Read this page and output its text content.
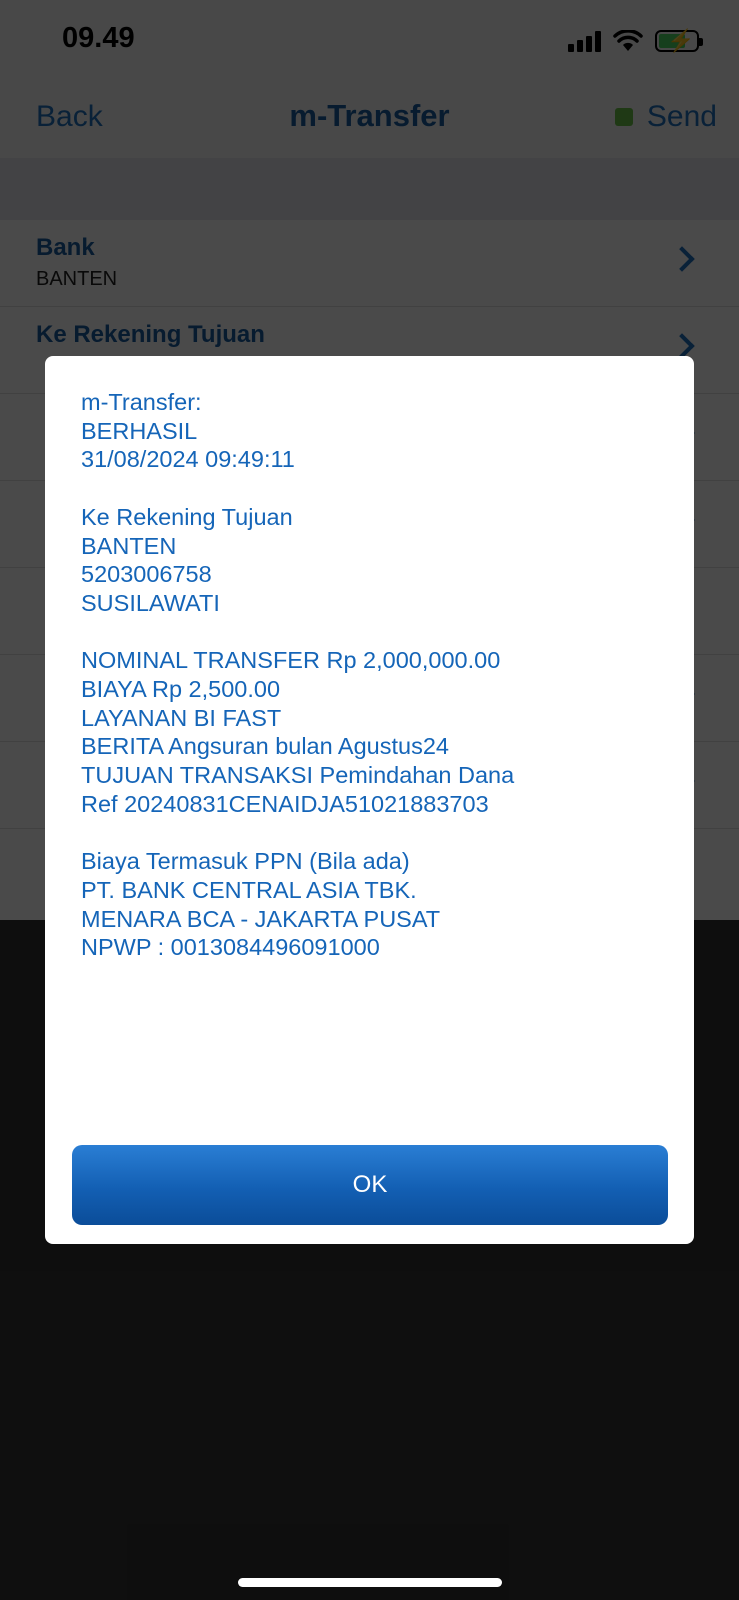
m-Transfer:
BERHASIL
31/08/2024 09:49:11
Ke Rekening Tujuan
BANTEN
5203006758
SUSILAWATI
NOMINAL TRANSFER Rp 2,000,000.00
BIAYA Rp 2,500.00
LAYANAN BI FAST
BERITA Angsuran bulan Agustus24
TUJUAN TRANSAKSI Pemindahan Dana
Ref 20240831CENAIDJA51021883703
Biaya Termasuk PPN (Bila ada)
PT. BANK CENTRAL ASIA TBK.
MENARA BCA - JAKARTA PUSAT
NPWP : 0013084496091000
OK
